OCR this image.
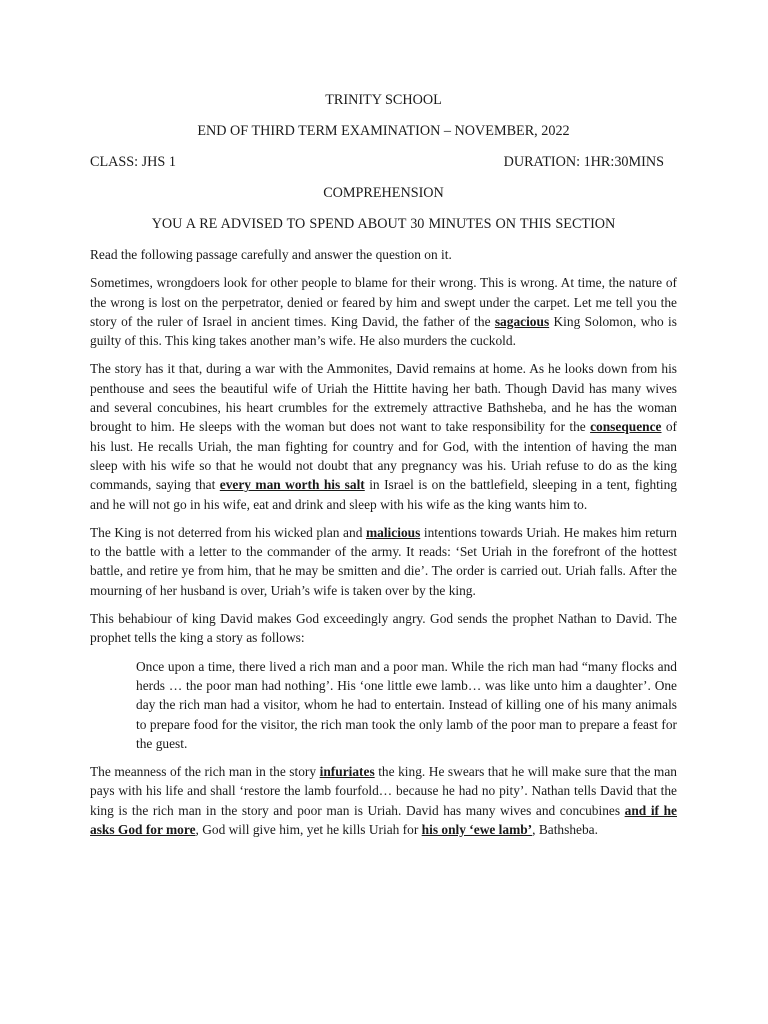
TRINITY SCHOOL
END OF THIRD TERM EXAMINATION – NOVEMBER, 2022
CLASS: JHS 1	DURATION: 1HR:30MINS
COMPREHENSION
YOU A RE ADVISED TO SPEND ABOUT 30 MINUTES ON THIS SECTION

Read the following passage carefully and answer the question on it.

Sometimes, wrongdoers look for other people to blame for their wrong. This is wrong. At time, the nature of the wrong is lost on the perpetrator, denied or feared by him and swept under the carpet. Let me tell you the story of the ruler of Israel in ancient times. King David, the father of the sagacious King Solomon, who is guilty of this. This king takes another man’s wife. He also murders the cuckold.

The story has it that, during a war with the Ammonites, David remains at home. As he looks down from his penthouse and sees the beautiful wife of Uriah the Hittite having her bath. Though David has many wives and several concubines, his heart crumbles for the extremely attractive Bathsheba, and he has the woman brought to him. He sleeps with the woman but does not want to take responsibility for the consequence of his lust. He recalls Uriah, the man fighting for country and for God, with the intention of having the man sleep with his wife so that he would not doubt that any pregnancy was his. Uriah refuse to do as the king commands, saying that every man worth his salt in Israel is on the battlefield, sleeping in a tent, fighting and he will not go in his wife, eat and drink and sleep with his wife as the king wants him to.

The King is not deterred from his wicked plan and malicious intentions towards Uriah. He makes him return to the battle with a letter to the commander of the army. It reads: ‘Set Uriah in the forefront of the hottest battle, and retire ye from him, that he may be smitten and die’. The order is carried out. Uriah falls. After the mourning of her husband is over, Uriah’s wife is taken over by the king.

This behabiour of king David makes God exceedingly angry. God sends the prophet Nathan to David. The prophet tells the king a story as follows:

Once upon a time, there lived a rich man and a poor man. While the rich man had “many flocks and herds … the poor man had nothing’. His ‘one little ewe lamb… was like unto him a daughter’. One day the rich man had a visitor, whom he had to entertain. Instead of killing one of his many animals to prepare food for the visitor, the rich man took the only lamb of the poor man to prepare a feast for the guest.

The meanness of the rich man in the story infuriates the king. He swears that he will make sure that the man pays with his life and shall ‘restore the lamb fourfold… because he had no pity’. Nathan tells David that the king is the rich man in the story and poor man is Uriah. David has many wives and concubines and if he asks God for more, God will give him, yet he kills Uriah for his only ‘ewe lamb’, Bathsheba.
